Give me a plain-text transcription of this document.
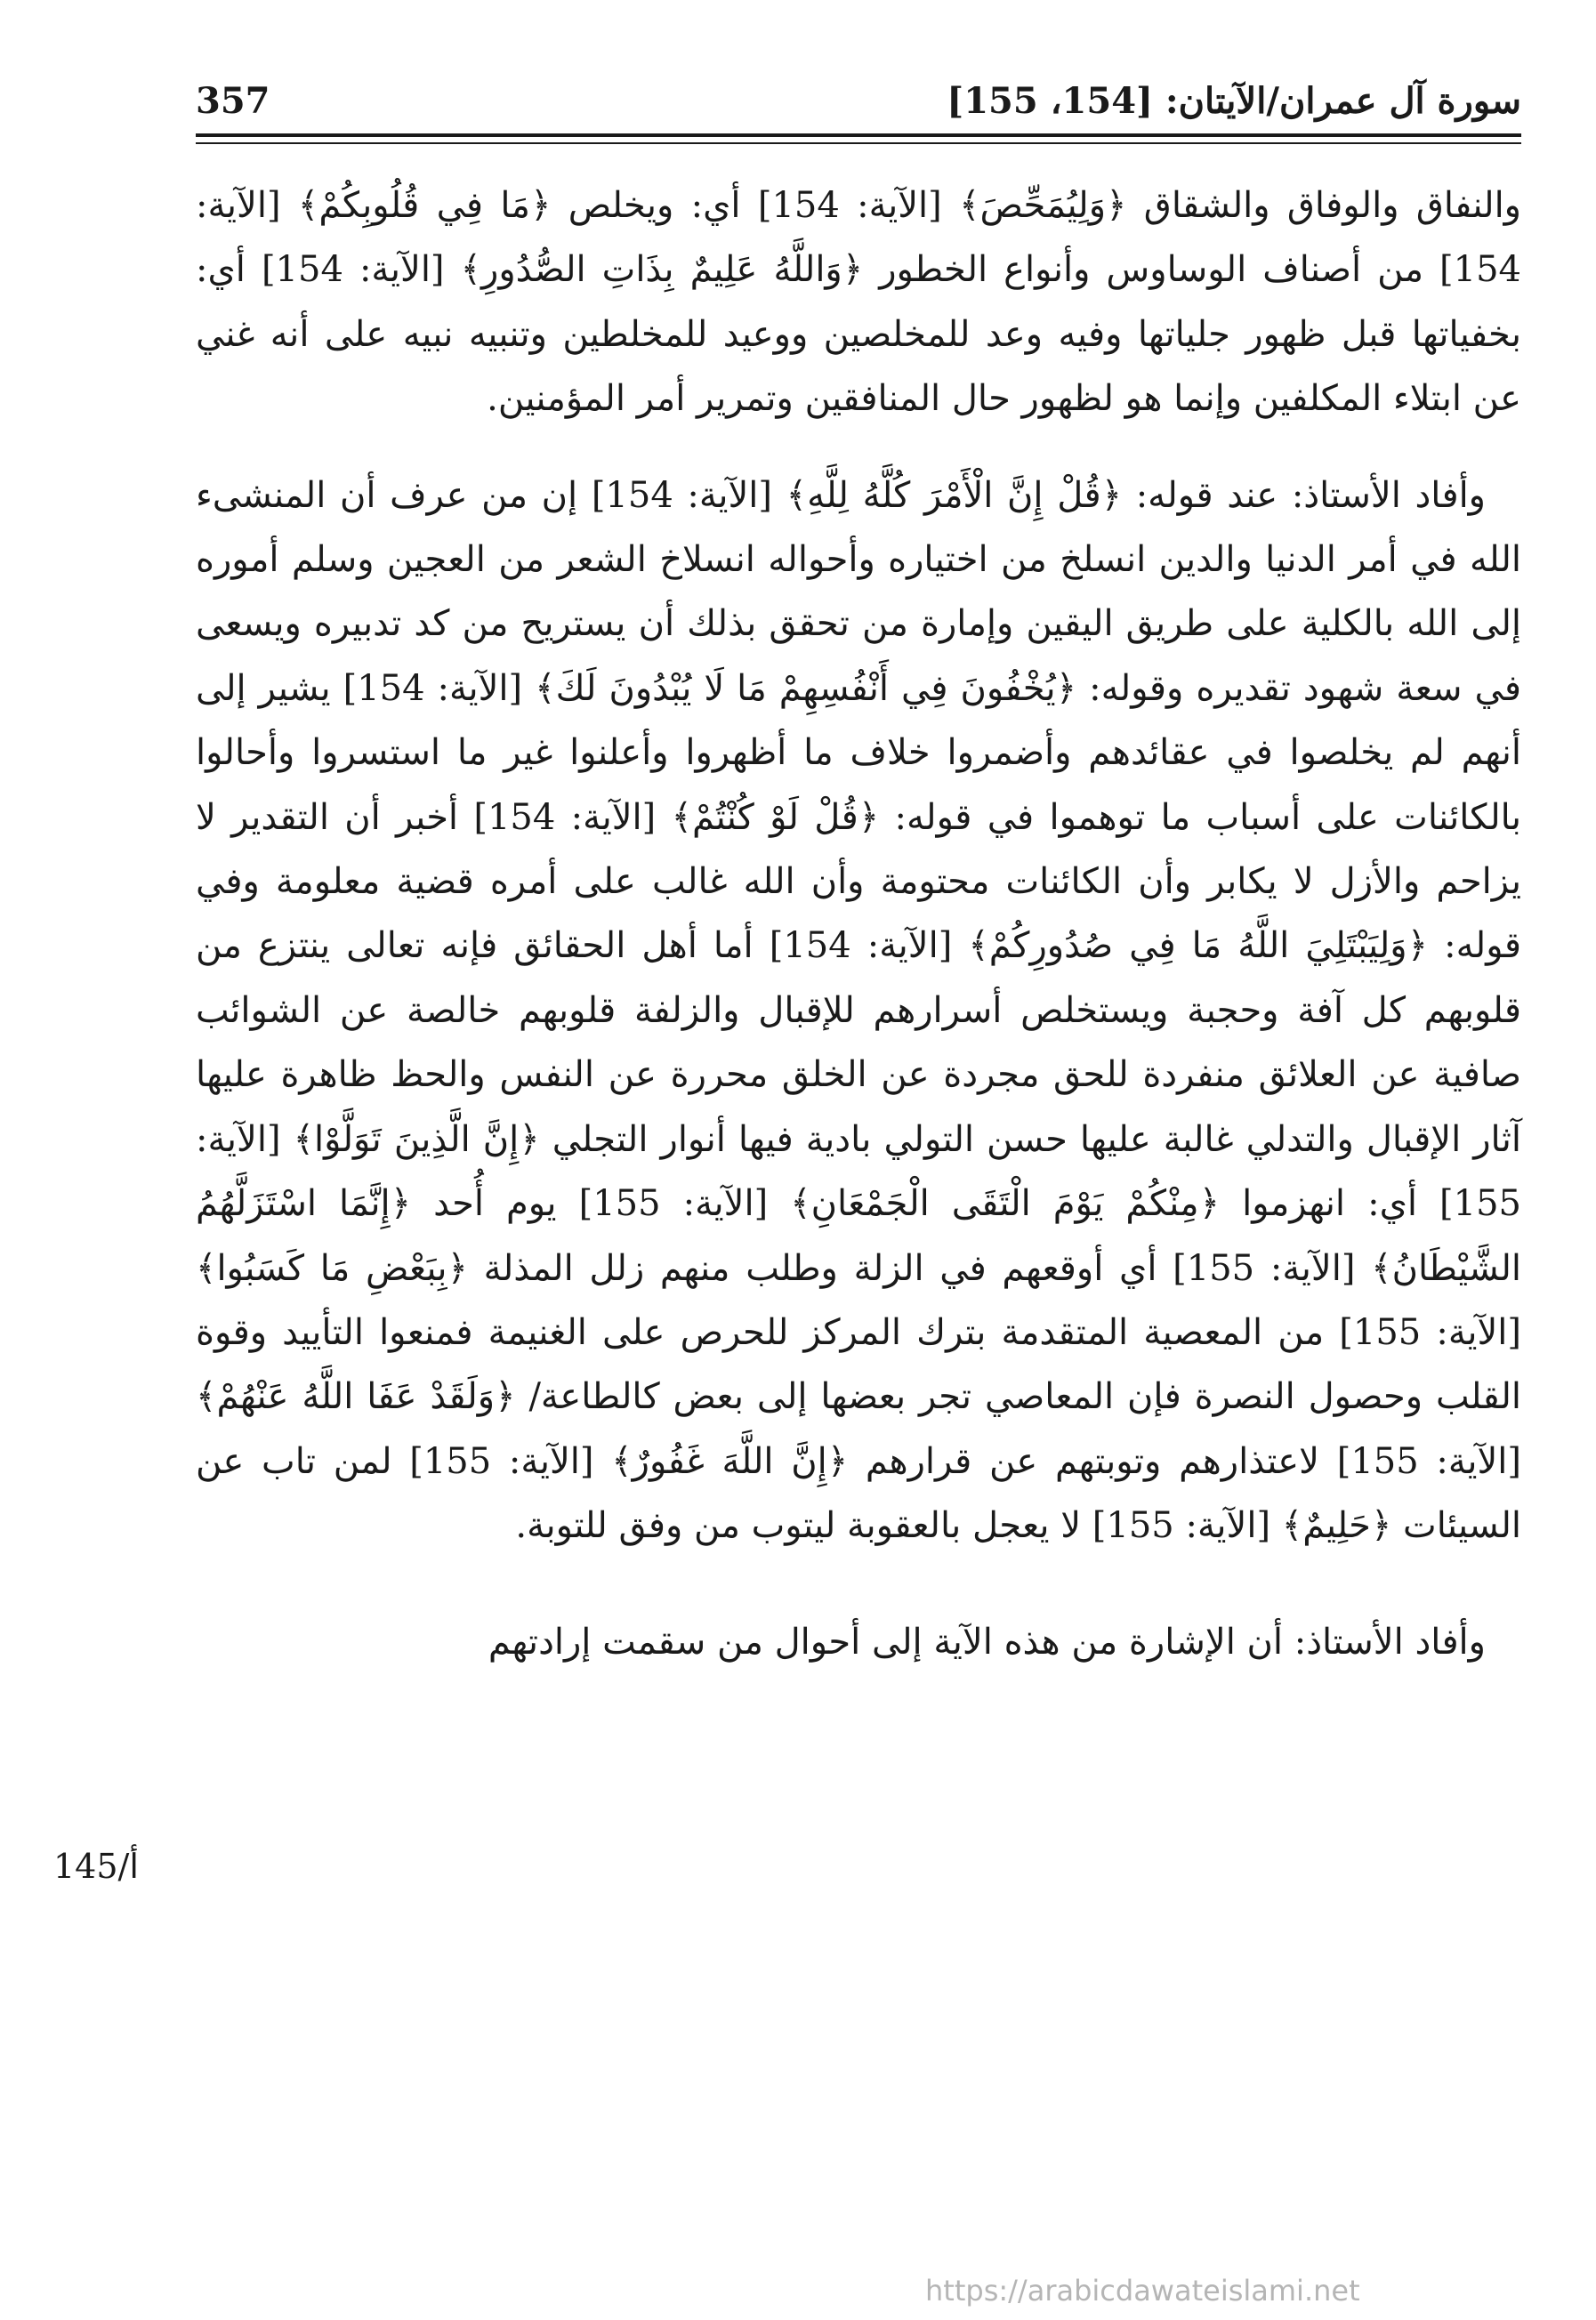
سورة آل عمران/الآيتان: [154، 155]
357

والنفاق والوفاق والشقاق ﴿وَلِيُمَحِّصَ﴾ [الآية: 154] أي: ويخلص ﴿مَا فِي قُلُوبِكُمْ﴾ [الآية: 154] من أصناف الوساوس وأنواع الخطور ﴿وَاللَّهُ عَلِيمٌ بِذَاتِ الصُّدُورِ﴾ [الآية: 154] أي: بخفياتها قبل ظهور جلياتها وفيه وعد للمخلصين ووعيد للمخلطين وتنبيه نبيه على أنه غني عن ابتلاء المكلفين وإنما هو لظهور حال المنافقين وتمرير أمر المؤمنين.

وأفاد الأستاذ: عند قوله: ﴿قُلْ إِنَّ الْأَمْرَ كُلَّهُ لِلَّهِ﴾ [الآية: 154] إن من عرف أن المنشىء الله في أمر الدنيا والدين انسلخ من اختياره وأحواله انسلاخ الشعر من العجين وسلم أموره إلى الله بالكلية على طريق اليقين وإمارة من تحقق بذلك أن يستريح من كد تدبيره ويسعى في سعة شهود تقديره وقوله: ﴿يُخْفُونَ فِي أَنْفُسِهِمْ مَا لَا يُبْدُونَ لَكَ﴾ [الآية: 154] يشير إلى أنهم لم يخلصوا في عقائدهم وأضمروا خلاف ما أظهروا وأعلنوا غير ما استسروا وأحالوا بالكائنات على أسباب ما توهموا في قوله: ﴿قُلْ لَوْ كُنْتُمْ﴾ [الآية: 154] أخبر أن التقدير لا يزاحم والأزل لا يكابر وأن الكائنات محتومة وأن الله غالب على أمره قضية معلومة وفي قوله: ﴿وَلِيَبْتَلِيَ اللَّهُ مَا فِي صُدُورِكُمْ﴾ [الآية: 154] أما أهل الحقائق فإنه تعالى ينتزع من قلوبهم كل آفة وحجبة ويستخلص أسرارهم للإقبال والزلفة قلوبهم خالصة عن الشوائب صافية عن العلائق منفردة للحق مجردة عن الخلق محررة عن النفس والحظ ظاهرة عليها آثار الإقبال والتدلي غالبة عليها حسن التولي بادية فيها أنوار التجلي ﴿إِنَّ الَّذِينَ تَوَلَّوْا﴾ [الآية: 155] أي: انهزموا ﴿مِنْكُمْ يَوْمَ الْتَقَى الْجَمْعَانِ﴾ [الآية: 155] يوم أُحد ﴿إِنَّمَا اسْتَزَلَّهُمُ الشَّيْطَانُ﴾ [الآية: 155] أي أوقعهم في الزلة وطلب منهم زلل المذلة ﴿بِبَعْضِ مَا كَسَبُوا﴾ [الآية: 155] من المعصية المتقدمة بترك المركز للحرص على الغنيمة فمنعوا التأييد وقوة القلب وحصول النصرة فإن المعاصي تجر بعضها إلى بعض كالطاعة/ ﴿وَلَقَدْ عَفَا اللَّهُ عَنْهُمْ﴾ [الآية: 155] لاعتذارهم وتوبتهم عن قرارهم ﴿إِنَّ اللَّهَ غَفُورٌ﴾ [الآية: 155] لمن تاب عن السيئات ﴿حَلِيمٌ﴾ [الآية: 155] لا يعجل بالعقوبة ليتوب من وفق للتوبة.

وأفاد الأستاذ: أن الإشارة من هذه الآية إلى أحوال من سقمت إرادتهم

145/أ
https://arabicdawateislami.net
